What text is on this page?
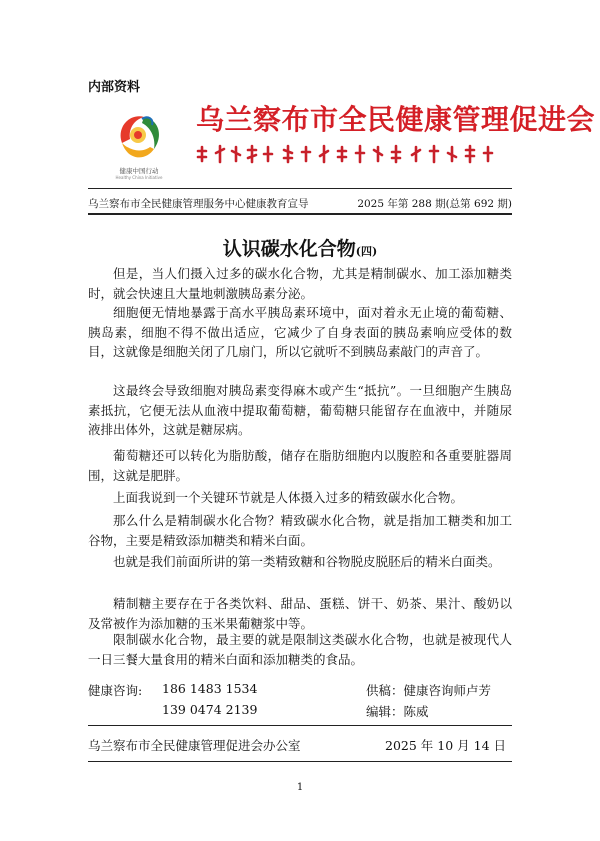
内部资料
健康中国行动
Healthy China Initiative
乌兰察布市全民健康管理促进会
乌兰察布市全民健康管理服务中心健康教育宣导	2025 年第 288 期(总第 692 期)
认识碳水化合物(四)

但是，当人们摄入过多的碳水化合物，尤其是精制碳水、加工添加糖类时，就会快速且大量地刺激胰岛素分泌。

细胞便无情地暴露于高水平胰岛素环境中，面对着永无止境的葡萄糖、胰岛素，细胞不得不做出适应，它减少了自身表面的胰岛素响应受体的数目，这就像是细胞关闭了几扇门，所以它就听不到胰岛素敲门的声音了。

这最终会导致细胞对胰岛素变得麻木或产生“抵抗”。一旦细胞产生胰岛素抵抗，它便无法从血液中提取葡萄糖，葡萄糖只能留存在血液中，并随尿液排出体外，这就是糖尿病。

葡萄糖还可以转化为脂肪酸，储存在脂肪细胞内以腹腔和各重要脏器周围，这就是肥胖。

上面我说到一个关键环节就是人体摄入过多的精致碳水化合物。

那么什么是精制碳水化合物？精致碳水化合物，就是指加工糖类和加工谷物，主要是精致添加糖类和精米白面。

也就是我们前面所讲的第一类精致糖和谷物脱皮脱胚后的精米白面类。

精制糖主要存在于各类饮料、甜品、蛋糕、饼干、奶茶、果汁、酸奶以及常被作为添加糖的玉米果葡糖浆中等。

限制碳水化合物，最主要的就是限制这类碳水化合物，也就是被现代人一日三餐大量食用的精米白面和添加糖类的食品。

健康咨询: 186 1483 1534
139 0474 2139
供稿：健康咨询师卢芳
编辑：陈威
乌兰察布市全民健康管理促进会办公室	2025 年 10 月 14 日
1
